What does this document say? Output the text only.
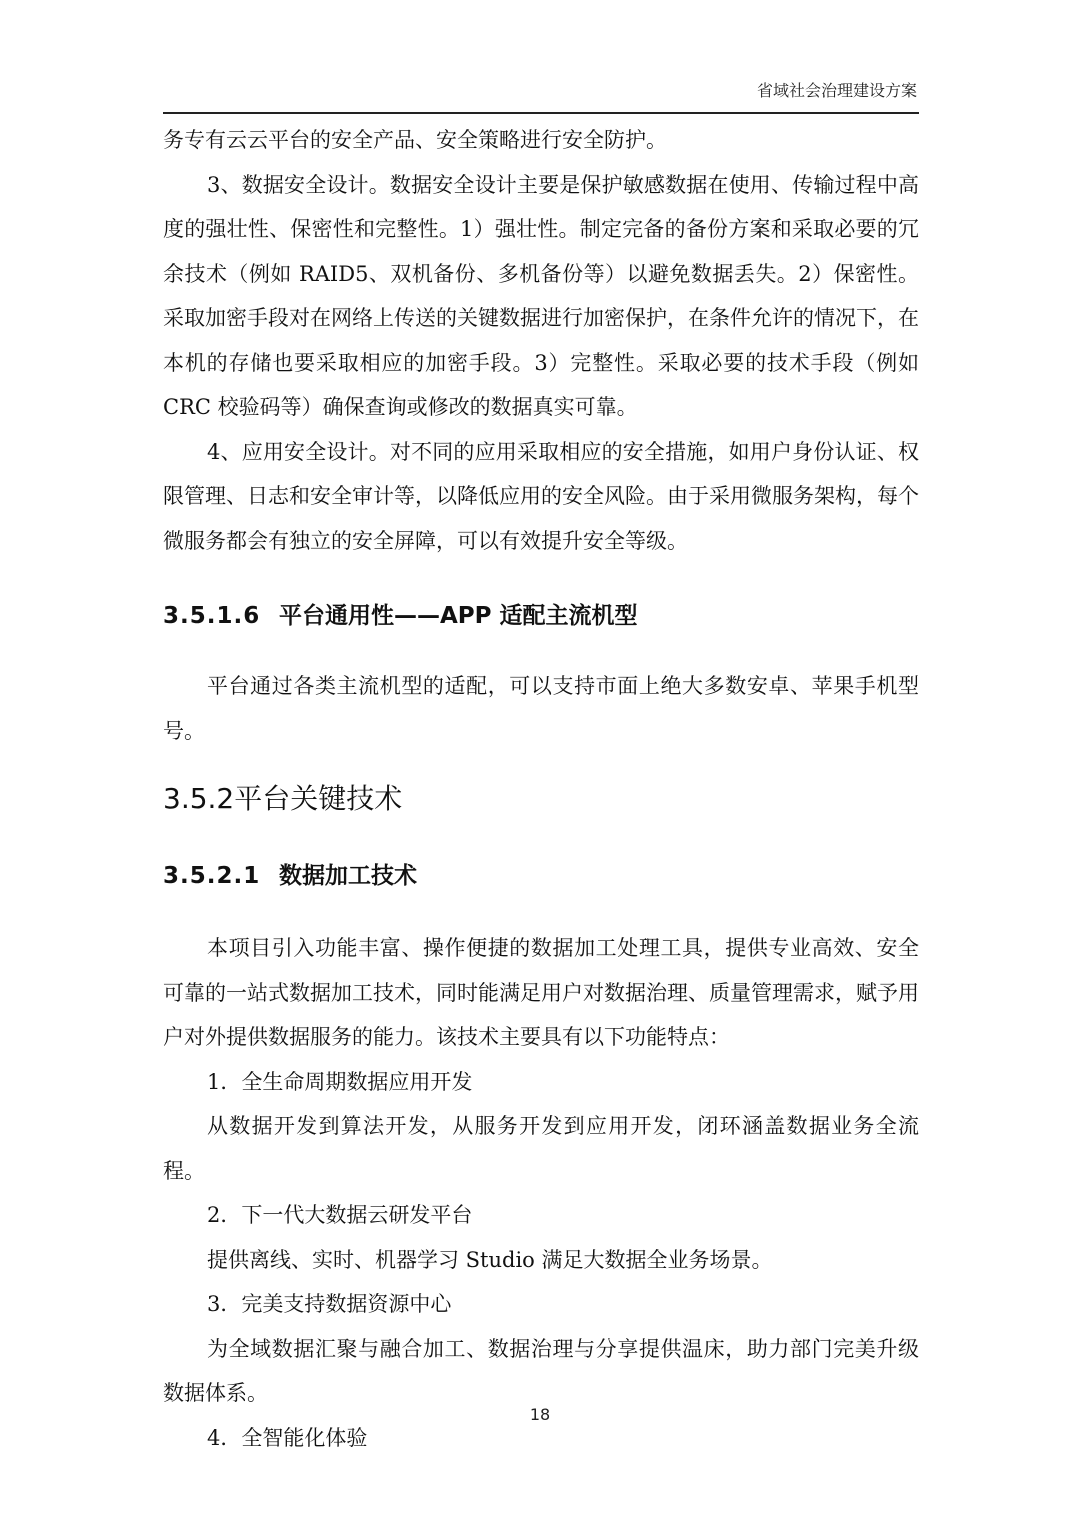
省域社会治理建设方案

务专有云云平台的安全产品、安全策略进行安全防护。

3、数据安全设计。数据安全设计主要是保护敏感数据在使用、传输过程中高度的强壮性、保密性和完整性。1）强壮性。制定完备的备份方案和采取必要的冗余技术（例如 RAID5、双机备份、多机备份等）以避免数据丢失。2）保密性。采取加密手段对在网络上传送的关键数据进行加密保护，在条件允许的情况下，在本机的存储也要采取相应的加密手段。3）完整性。采取必要的技术手段（例如 CRC 校验码等）确保查询或修改的数据真实可靠。

4、应用安全设计。对不同的应用采取相应的安全措施，如用户身份认证、权限管理、日志和安全审计等，以降低应用的安全风险。由于采用微服务架构，每个微服务都会有独立的安全屏障，可以有效提升安全等级。

3.5.1.6 平台通用性——APP 适配主流机型

平台通过各类主流机型的适配，可以支持市面上绝大多数安卓、苹果手机型号。

3.5.2平台关键技术
3.5.2.1 数据加工技术

本项目引入功能丰富、操作便捷的数据加工处理工具，提供专业高效、安全可靠的一站式数据加工技术，同时能满足用户对数据治理、质量管理需求，赋予用户对外提供数据服务的能力。该技术主要具有以下功能特点：

1．全生命周期数据应用开发

从数据开发到算法开发，从服务开发到应用开发，闭环涵盖数据业务全流程。

2．下一代大数据云研发平台

提供离线、实时、机器学习 Studio 满足大数据全业务场景。

3．完美支持数据资源中心

为全域数据汇聚与融合加工、数据治理与分享提供温床，助力部门完美升级数据体系。

4．全智能化体验

18
